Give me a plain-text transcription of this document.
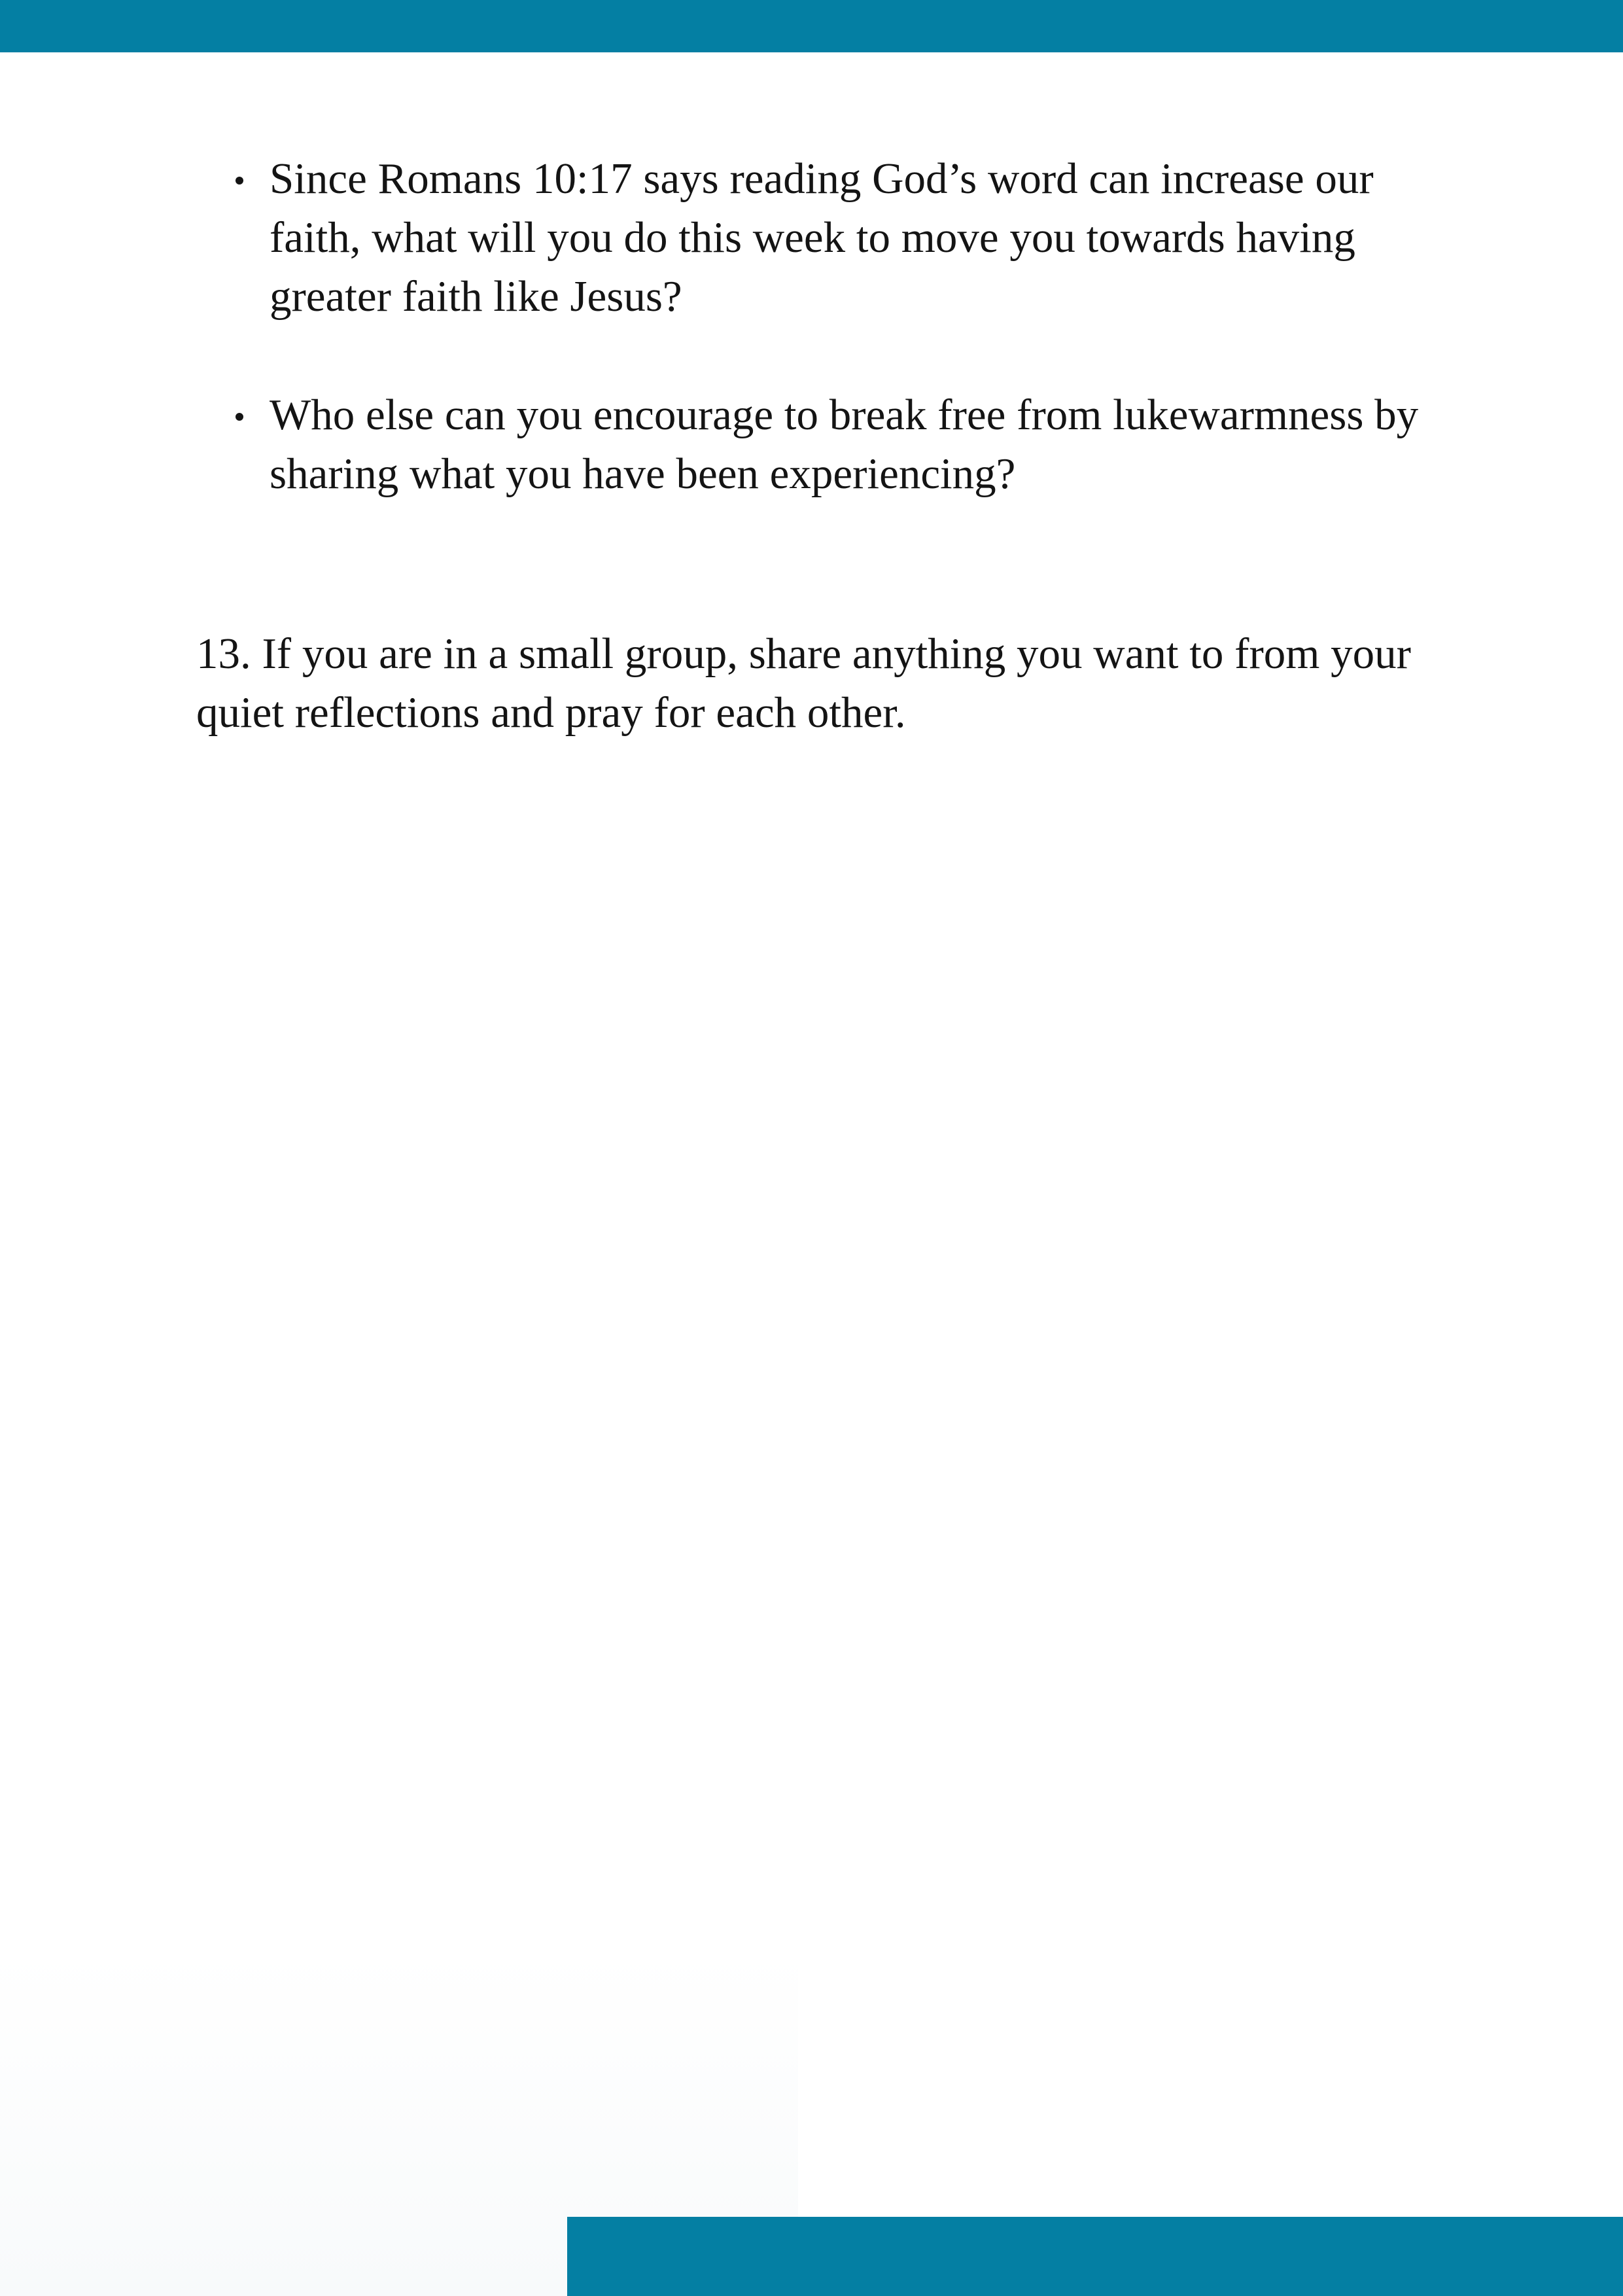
Since Romans 10:17 says reading God’s word can increase our faith, what will you do this week to move you towards having greater faith like Jesus?
Who else can you encourage to break free from lukewarmness by sharing what you have been experiencing?

13. If you are in a small group, share anything you want to from your quiet reflections and pray for each other.
